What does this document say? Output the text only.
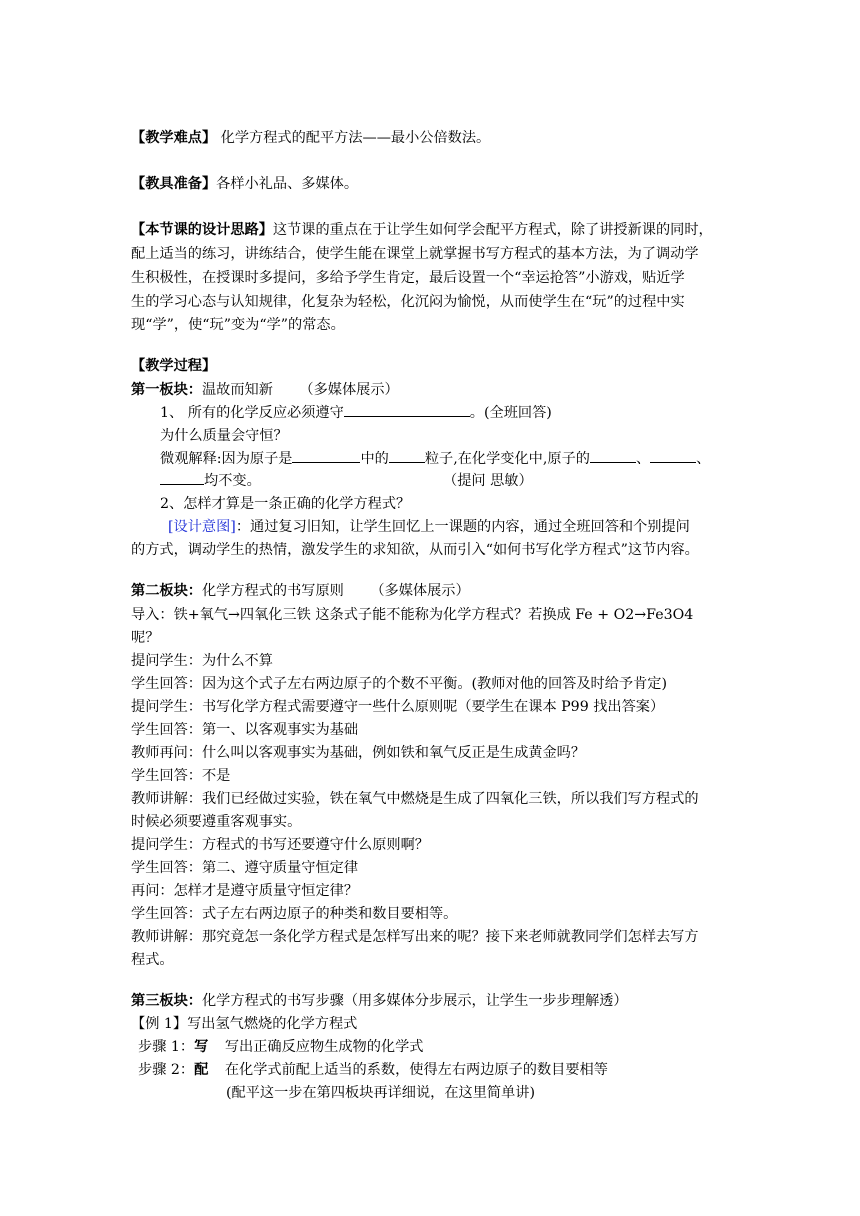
【教学难点】 化学方程式的配平方法——最小公倍数法。
【教具准备】各样小礼品、多媒体。
【本节课的设计思路】这节课的重点在于让学生如何学会配平方程式，除了讲授新课的同时，
配上适当的练习，讲练结合，使学生能在课堂上就掌握书写方程式的基本方法，为了调动学
生积极性，在授课时多提问，多给予学生肯定，最后设置一个“幸运抢答”小游戏，贴近学
生的学习心态与认知规律，化复杂为轻松，化沉闷为愉悦，从而使学生在“玩”的过程中实
现“学”，使“玩”变为“学”的常态。
【教学过程】
第一板块：温故而知新 （多媒体展示）
1、 所有的化学反应必须遵守	。(全班回答)
为什么质量会守恒？
微观解释:因为原子是	中的	粒子,在化学变化中,原子的	、	、
均不变。	（提问 思敏）
2、怎样才算是一条正确的化学方程式？
[设计意图]：通过复习旧知，让学生回忆上一课题的内容，通过全班回答和个别提问
的方式，调动学生的热情，激发学生的求知欲，从而引入“如何书写化学方程式”这节内容。
第二板块：化学方程式的书写原则 （多媒体展示）
导入：铁+氧气→四氧化三铁 这条式子能不能称为化学方程式？若换成 Fe + O2→Fe3O4
呢？
提问学生：为什么不算
学生回答：因为这个式子左右两边原子的个数不平衡。(教师对他的回答及时给予肯定)
提问学生：书写化学方程式需要遵守一些什么原则呢（要学生在课本 P99 找出答案）
学生回答：第一、以客观事实为基础
教师再问：什么叫以客观事实为基础，例如铁和氧气反正是生成黄金吗？
学生回答：不是
教师讲解：我们已经做过实验，铁在氧气中燃烧是生成了四氧化三铁，所以我们写方程式的
时候必须要遵重客观事实。
提问学生：方程式的书写还要遵守什么原则啊？
学生回答：第二、遵守质量守恒定律
再问：怎样才是遵守质量守恒定律？
学生回答：式子左右两边原子的种类和数目要相等。
教师讲解：那究竟怎一条化学方程式是怎样写出来的呢？接下来老师就教同学们怎样去写方
程式。
第三板块：化学方程式的书写步骤（用多媒体分步展示，让学生一步步理解透）
【例 1】写出氢气燃烧的化学方程式
步骤 1：写 写出正确反应物生成物的化学式
步骤 2：配 在化学式前配上适当的系数，使得左右两边原子的数目要相等
(配平这一步在第四板块再详细说，在这里简单讲)
